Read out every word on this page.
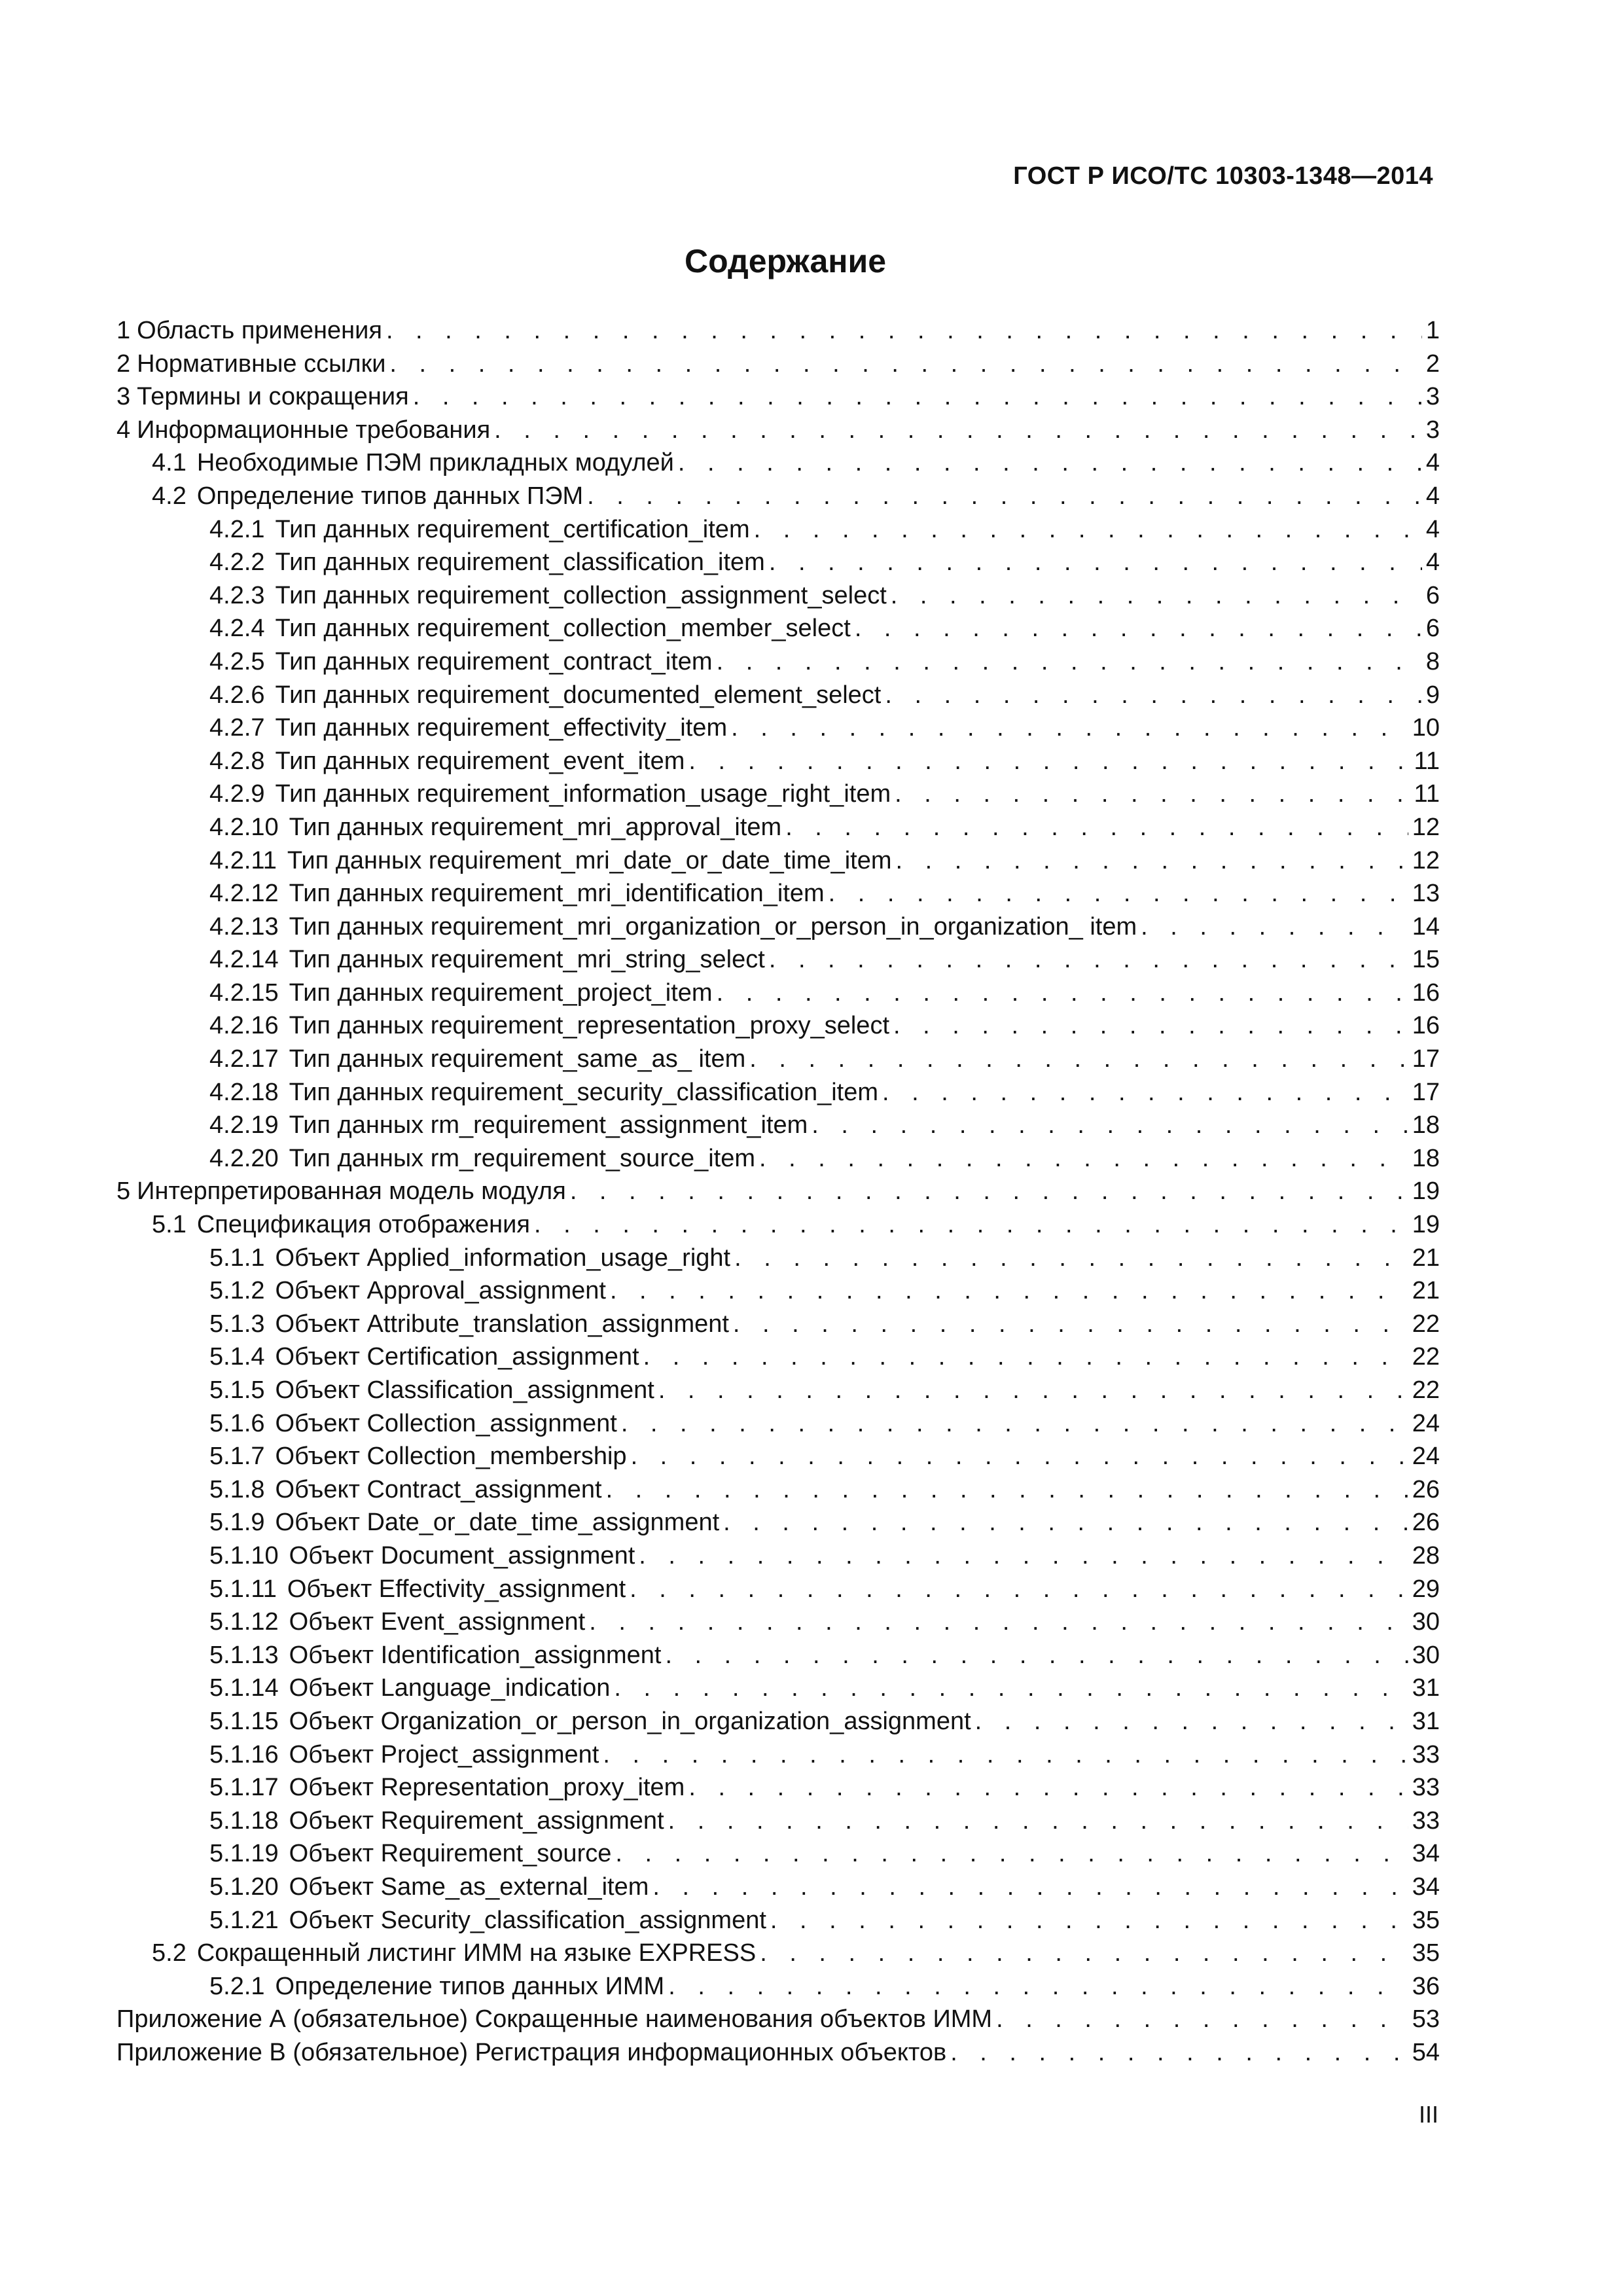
ГОСТ Р ИСО/ТС 10303-1348—2014
Содержание
1 Область применения . . .	1
2 Нормативные ссылки . . .	2
3 Термины и сокращения . . .	3
4 Информационные требования . . .	3
4.1 Необходимые ПЭМ прикладных модулей . . .	4
4.2 Определение типов данных ПЭМ . . .	4
4.2.1 Тип данных requirement_certification_item . . .	4
4.2.2 Тип данных requirement_classification_item . . .	4
4.2.3 Тип данных requirement_collection_assignment_select . . .	6
4.2.4 Тип данных requirement_collection_member_select . . .	6
4.2.5 Тип данных requirement_contract_item . . .	8
4.2.6 Тип данных requirement_documented_element_select . . .	9
4.2.7 Тип данных requirement_effectivity_item . . .	10
4.2.8 Тип данных requirement_event_item . . .	11
4.2.9 Тип данных requirement_information_usage_right_item . . .	11
4.2.10 Тип данных requirement_mri_approval_item . . .	12
4.2.11 Тип данных requirement_mri_date_or_date_time_item . . .	12
4.2.12 Тип данных requirement_mri_identification_item . . .	13
4.2.13 Тип данных requirement_mri_organization_or_person_in_organization_ item . . .	14
4.2.14 Тип данных requirement_mri_string_select . . .	15
4.2.15 Тип данных requirement_project_item . . .	16
4.2.16 Тип данных requirement_representation_proxy_select . . .	16
4.2.17 Тип данных requirement_same_as_ item . . .	17
4.2.18 Тип данных requirement_security_classification_item . . .	17
4.2.19 Тип данных rm_requirement_assignment_item . . .	18
4.2.20 Тип данных rm_requirement_source_item . . .	18
5 Интерпретированная модель модуля . . .	19
5.1 Спецификация отображения . . .	19
5.1.1 Объект Applied_information_usage_right . . .	21
5.1.2 Объект Approval_assignment . . .	21
5.1.3 Объект Attribute_translation_assignment . . .	22
5.1.4 Объект Certification_assignment . . .	22
5.1.5 Объект Classification_assignment . . .	22
5.1.6 Объект Collection_assignment . . .	24
5.1.7 Объект Collection_membership . . .	24
5.1.8 Объект Contract_assignment . . .	26
5.1.9 Объект Date_or_date_time_assignment . . .	26
5.1.10 Объект Document_assignment . . .	28
5.1.11 Объект Effectivity_assignment . . .	29
5.1.12 Объект Event_assignment . . .	30
5.1.13 Объект Identification_assignment . . .	30
5.1.14 Объект Language_indication . . .	31
5.1.15 Объект Organization_or_person_in_organization_assignment . . .	31
5.1.16 Объект Project_assignment . . .	33
5.1.17 Объект Representation_proxy_item . . .	33
5.1.18 Объект Requirement_assignment . . .	33
5.1.19 Объект Requirement_source . . .	34
5.1.20 Объект Same_as_external_item . . .	34
5.1.21 Объект Security_classification_assignment . . .	35
5.2 Сокращенный листинг ИММ на языке EXPRESS . . .	35
5.2.1 Определение типов данных ИММ . . .	36
Приложение А (обязательное) Сокращенные наименования объектов ИММ . . .	53
Приложение В (обязательное) Регистрация информационных объектов . . .	54
III
